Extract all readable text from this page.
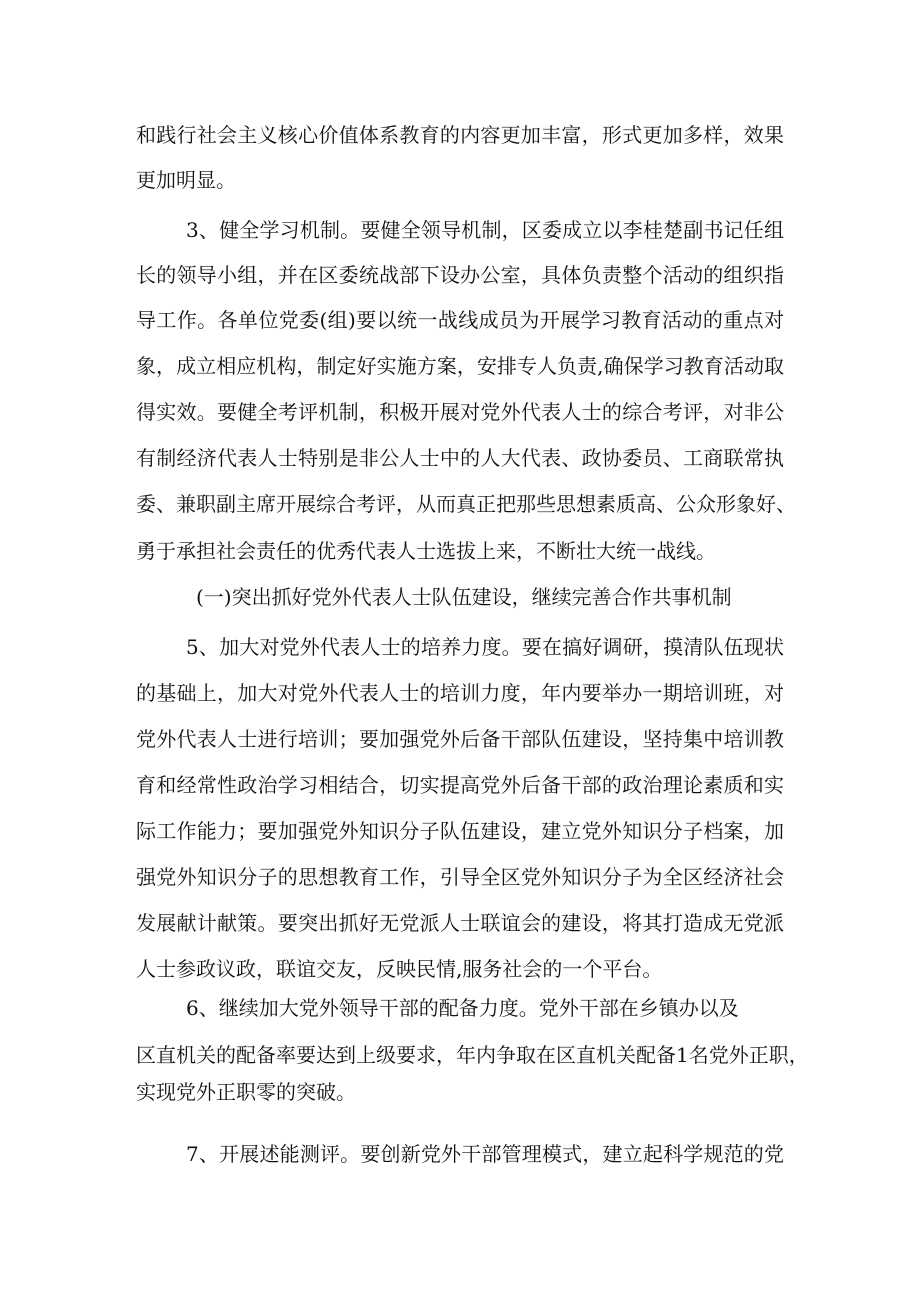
和践行社会主义核心价值体系教育的内容更加丰富，形式更加多样，效果

更加明显。

3、健全学习机制。要健全领导机制，区委成立以李桂楚副书记任组

长的领导小组，并在区委统战部下设办公室，具体负责整个活动的组织指

导工作。各单位党委(组)要以统一战线成员为开展学习教育活动的重点对

象，成立相应机构，制定好实施方案，安排专人负责,确保学习教育活动取

得实效。要健全考评机制，积极开展对党外代表人士的综合考评，对非公

有制经济代表人士特别是非公人士中的人大代表、政协委员、工商联常执

委、兼职副主席开展综合考评，从而真正把那些思想素质高、公众形象好、

勇于承担社会责任的优秀代表人士选拔上来，不断壮大统一战线。

(一)突出抓好党外代表人士队伍建设，继续完善合作共事机制

5、加大对党外代表人士的培养力度。要在搞好调研，摸清队伍现状

的基础上，加大对党外代表人士的培训力度，年内要举办一期培训班，对

党外代表人士进行培训；要加强党外后备干部队伍建设，坚持集中培训教

育和经常性政治学习相结合，切实提高党外后备干部的政治理论素质和实

际工作能力；要加强党外知识分子队伍建设，建立党外知识分子档案，加

强党外知识分子的思想教育工作，引导全区党外知识分子为全区经济社会

发展献计献策。要突出抓好无党派人士联谊会的建设，将其打造成无党派

人士参政议政，联谊交友，反映民情,服务社会的一个平台。

6、继续加大党外领导干部的配备力度。党外干部在乡镇办以及

区直机关的配备率要达到上级要求，年内争取在区直机关配备1名党外正职，

实现党外正职零的突破。

7、开展述能测评。要创新党外干部管理模式，建立起科学规范的党
